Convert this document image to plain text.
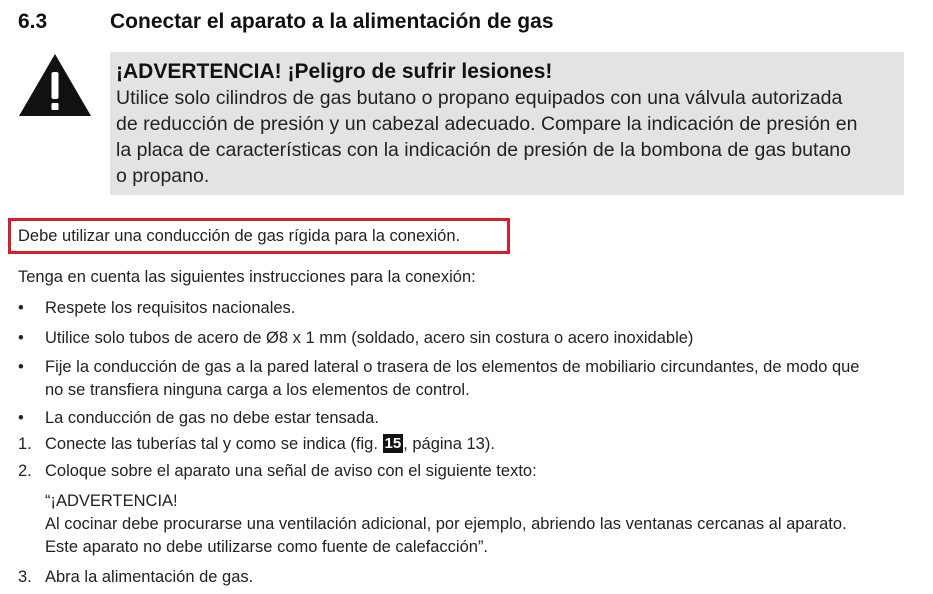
6.3	Conectar el aparato a la alimentación de gas
¡ADVERTENCIA! ¡Peligro de sufrir lesiones!
Utilice solo cilindros de gas butano o propano equipados con una válvula autorizada
de reducción de presión y un cabezal adecuado. Compare la indicación de presión en
la placa de características con la indicación de presión de la bombona de gas butano
o propano.
Debe utilizar una conducción de gas rígida para la conexión.
Tenga en cuenta las siguientes instrucciones para la conexión:
•	Respete los requisitos nacionales.
•	Utilice solo tubos de acero de Ø8 x 1 mm (soldado, acero sin costura o acero inoxidable)
•	Fije la conducción de gas a la pared lateral o trasera de los elementos de mobiliario circundantes, de modo que
no se transfiera ninguna carga a los elementos de control.
•	La conducción de gas no debe estar tensada.
1. Conecte las tuberías tal y como se indica (fig. 15 , página 13).
2. Coloque sobre el aparato una señal de aviso con el siguiente texto:
“¡ADVERTENCIA!
Al cocinar debe procurarse una ventilación adicional, por ejemplo, abriendo las ventanas cercanas al aparato.
Este aparato no debe utilizarse como fuente de calefacción”.
3. Abra la alimentación de gas.
